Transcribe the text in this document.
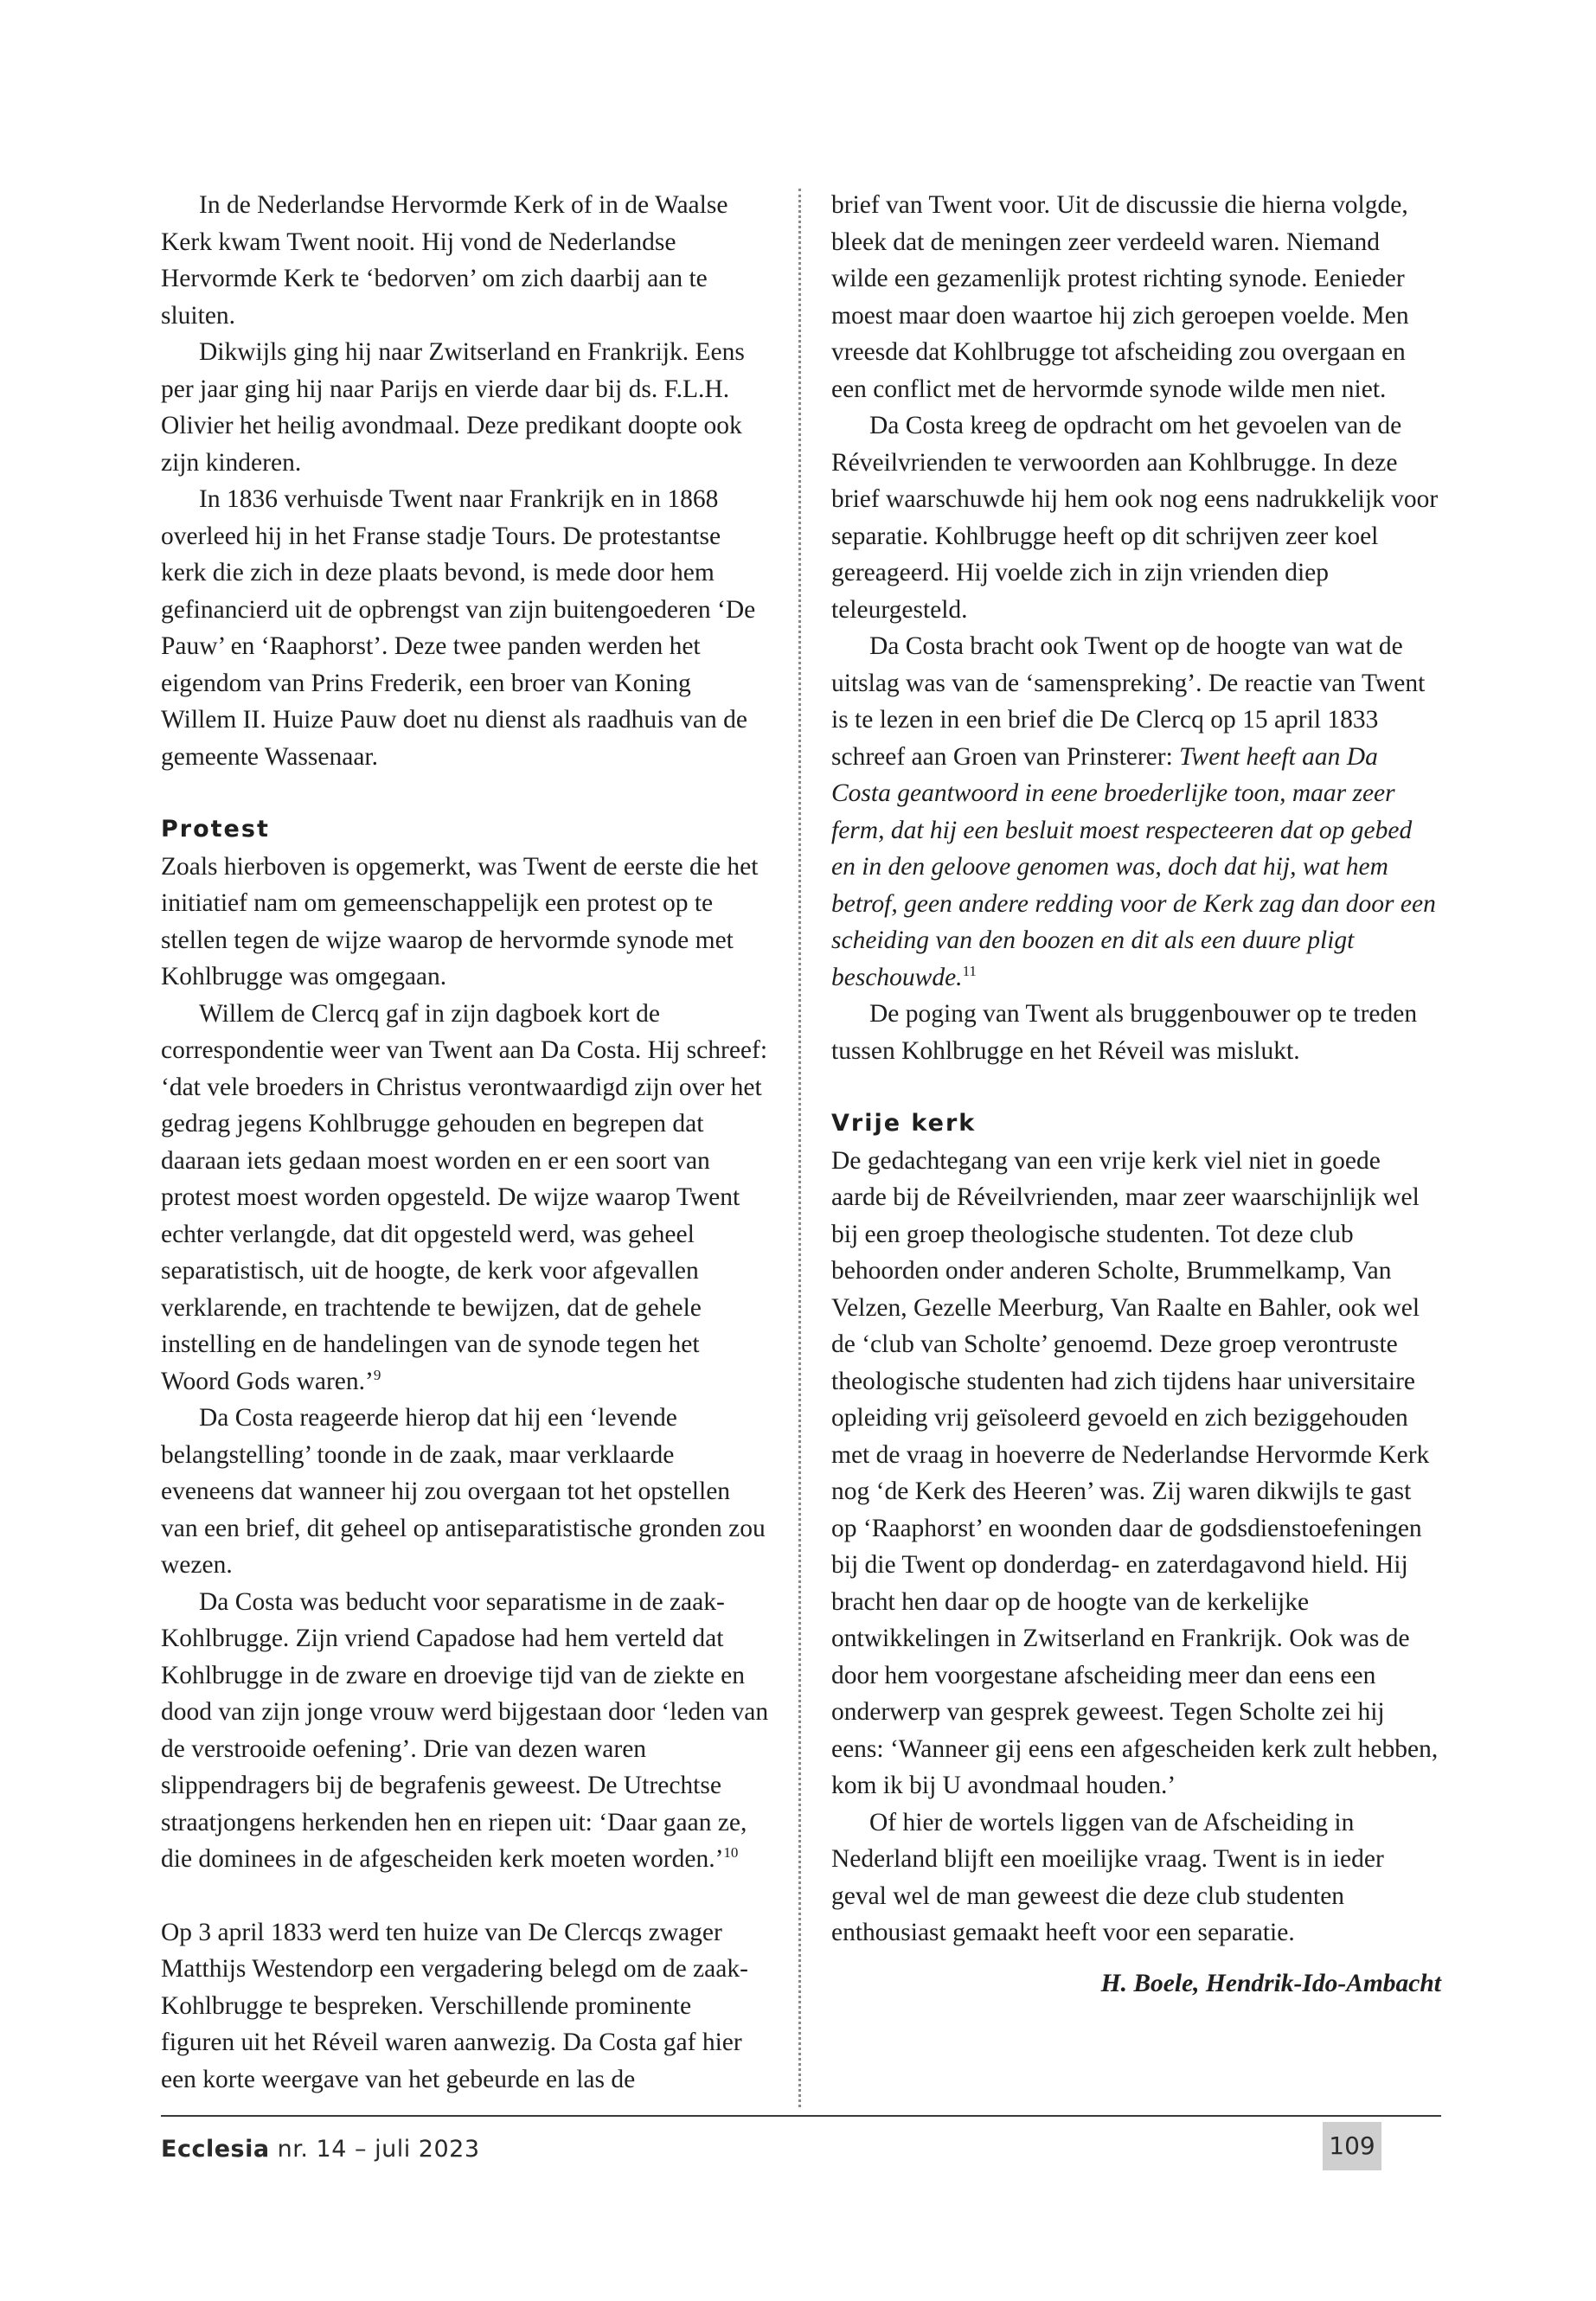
In de Nederlandse Hervormde Kerk of in de Waalse Kerk kwam Twent nooit. Hij vond de Nederlandse Hervormde Kerk te ‘bedorven’ om zich daarbij aan te sluiten.

Dikwijls ging hij naar Zwitserland en Frankrijk. Eens per jaar ging hij naar Parijs en vierde daar bij ds. F.L.H. Olivier het heilig avondmaal. Deze predikant doopte ook zijn kinderen.

In 1836 verhuisde Twent naar Frankrijk en in 1868 overleed hij in het Franse stadje Tours. De protestantse kerk die zich in deze plaats bevond, is mede door hem gefinancierd uit de opbrengst van zijn buitengoederen ‘De Pauw’ en ‘Raaphorst’. Deze twee panden werden het eigendom van Prins Frederik, een broer van Koning Willem II. Huize Pauw doet nu dienst als raadhuis van de gemeente Wassenaar.

Protest

Zoals hierboven is opgemerkt, was Twent de eerste die het initiatief nam om gemeenschappelijk een protest op te stellen tegen de wijze waarop de hervormde synode met Kohlbrugge was omgegaan.

Willem de Clercq gaf in zijn dagboek kort de correspondentie weer van Twent aan Da Costa. Hij schreef: ‘dat vele broeders in Christus verontwaardigd zijn over het gedrag jegens Kohlbrugge gehouden en begrepen dat daaraan iets gedaan moest worden en er een soort van protest moest worden opgesteld. De wijze waarop Twent echter verlangde, dat dit opgesteld werd, was geheel separatistisch, uit de hoogte, de kerk voor afgevallen verklarende, en trachtende te bewijzen, dat de gehele instelling en de handelingen van de synode tegen het Woord Gods waren.’$^9$

Da Costa reageerde hierop dat hij een ‘levende belangstelling’ toonde in de zaak, maar verklaarde eveneens dat wanneer hij zou overgaan tot het opstellen van een brief, dit geheel op antiseparatistische gronden zou wezen.

Da Costa was beducht voor separatisme in de zaak-Kohlbrugge. Zijn vriend Capadose had hem verteld dat Kohlbrugge in de zware en droevige tijd van de ziekte en dood van zijn jonge vrouw werd bijgestaan door ‘leden van de verstrooide oefening’. Drie van dezen waren slippendragers bij de begrafenis geweest. De Utrechtse straatjongens herkenden hen en riepen uit: ‘Daar gaan ze, die dominees in de afgescheiden kerk moeten worden.’$^{10}$

Op 3 april 1833 werd ten huize van De Clercqs zwager Matthijs Westendorp een vergadering belegd om de zaak-Kohlbrugge te bespreken. Verschillende prominente figuren uit het Réveil waren aanwezig. Da Costa gaf hier een korte weergave van het gebeurde en las de

brief van Twent voor. Uit de discussie die hierna volgde, bleek dat de meningen zeer verdeeld waren. Niemand wilde een gezamenlijk protest richting synode. Eenieder moest maar doen waartoe hij zich geroepen voelde. Men vreesde dat Kohlbrugge tot afscheiding zou overgaan en een conflict met de hervormde synode wilde men niet.

Da Costa kreeg de opdracht om het gevoelen van de Réveilvrienden te verwoorden aan Kohlbrugge. In deze brief waarschuwde hij hem ook nog eens nadrukkelijk voor separatie. Kohlbrugge heeft op dit schrijven zeer koel gereageerd. Hij voelde zich in zijn vrienden diep teleurgesteld.

Da Costa bracht ook Twent op de hoogte van wat de uitslag was van de ‘samenspreking’. De reactie van Twent is te lezen in een brief die De Clercq op 15 april 1833 schreef aan Groen van Prinsterer: Twent heeft aan Da Costa geantwoord in eene broederlijke toon, maar zeer ferm, dat hij een besluit moest respecteeren dat op gebed en in den geloove genomen was, doch dat hij, wat hem betrof, geen andere redding voor de Kerk zag dan door een scheiding van den boozen en dit als een duure pligt beschouwde.$^{11}$

De poging van Twent als bruggenbouwer op te treden tussen Kohlbrugge en het Réveil was mislukt.

Vrije kerk

De gedachtegang van een vrije kerk viel niet in goede aarde bij de Réveilvrienden, maar zeer waarschijnlijk wel bij een groep theologische studenten. Tot deze club behoorden onder anderen Scholte, Brummelkamp, Van Velzen, Gezelle Meerburg, Van Raalte en Bahler, ook wel de ‘club van Scholte’ genoemd. Deze groep verontruste theologische studenten had zich tijdens haar universitaire opleiding vrij geïsoleerd gevoeld en zich beziggehouden met de vraag in hoeverre de Nederlandse Hervormde Kerk nog ‘de Kerk des Heeren’ was. Zij waren dikwijls te gast op ‘Raaphorst’ en woonden daar de godsdienstoefeningen bij die Twent op donderdag- en zaterdagavond hield. Hij bracht hen daar op de hoogte van de kerkelijke ontwikkelingen in Zwitserland en Frankrijk. Ook was de door hem voorgestane afscheiding meer dan eens een onderwerp van gesprek geweest. Tegen Scholte zei hij eens: ‘Wanneer gij eens een afgescheiden kerk zult hebben, kom ik bij U avondmaal houden.’

Of hier de wortels liggen van de Afscheiding in Nederland blijft een moeilijke vraag. Twent is in ieder geval wel de man geweest die deze club studenten enthousiast gemaakt heeft voor een separatie.

H. Boele, Hendrik-Ido-Ambacht
Ecclesia nr. 14 – juli 2023	109
